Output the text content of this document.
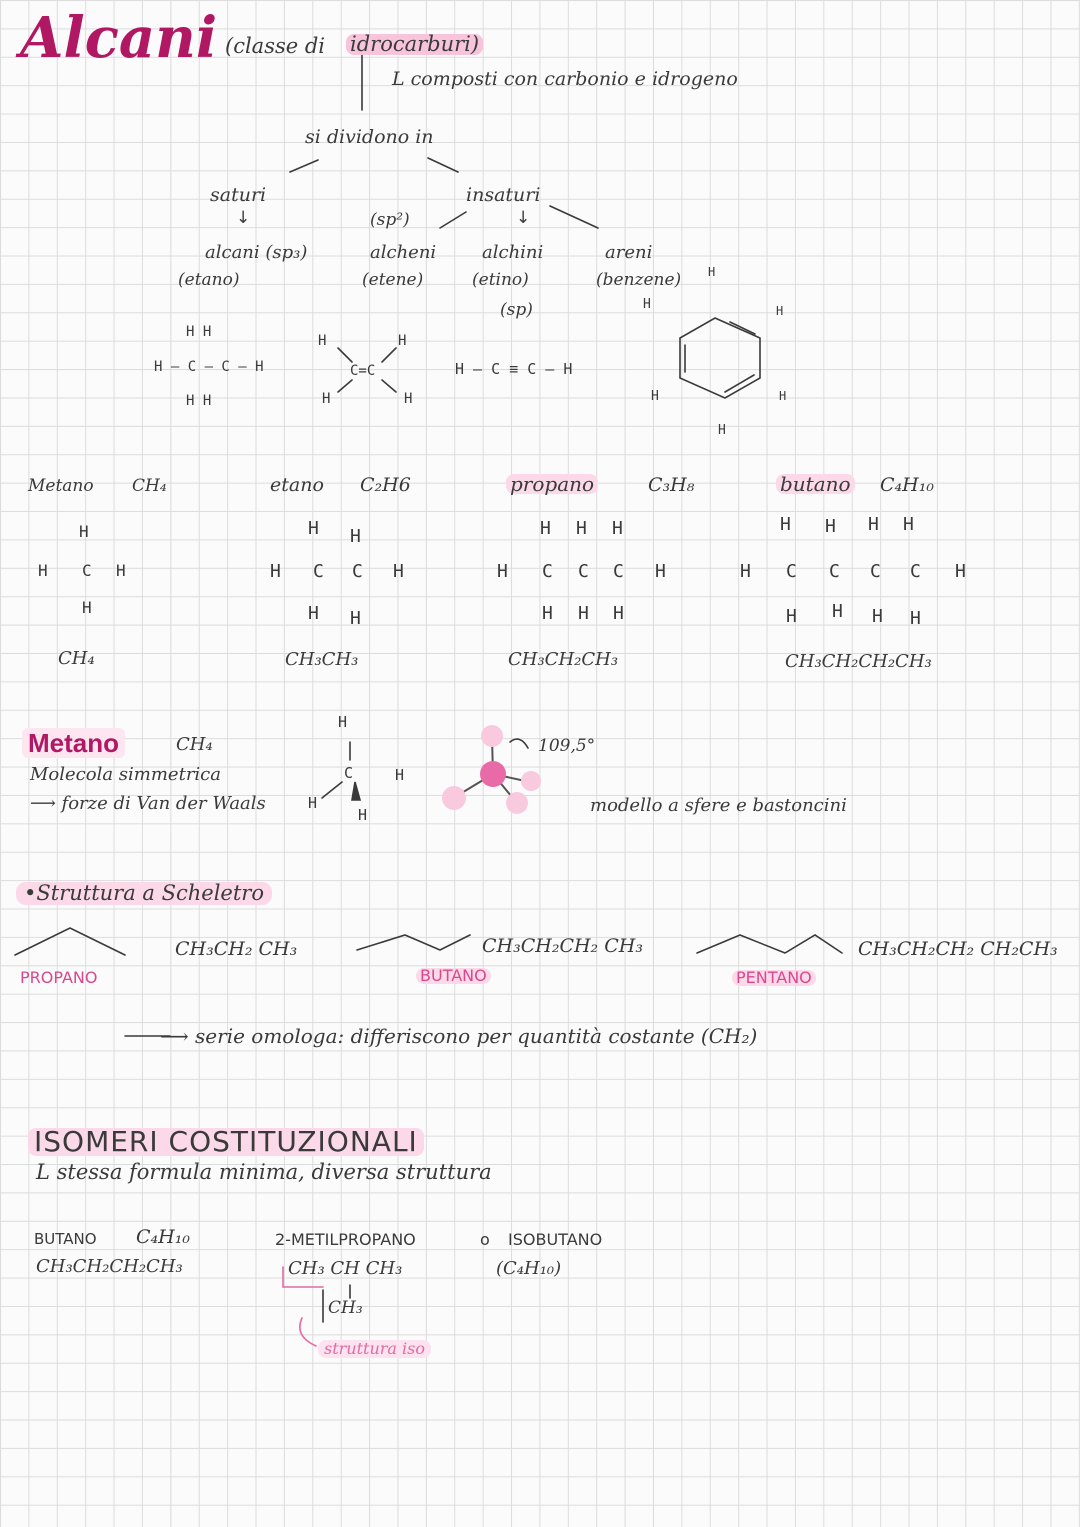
Alcani (classe di idrocarburi)
L composti con carbonio e idrogeno
si dividono in
saturi
↓
insaturi
↓
(sp²)
alcani (sp₃)
(etano)
alcheni
(etene)
alchini
(etino)
(sp)
areni
(benzene)
H H
H – C – C – H
H H
H	H
C=C
H	H
H – C ≡ C – H
H
H	H
H	H
H
Metano CH₄	etano C₂H6	propano	C₃H₈	butano C₄H₁₀
H
H C H
H
H H
H C C H
H H
H H H
H C C C H
H H H
H H H H
H C C C C H
H H H H
CH₄	CH₃CH₃	CH₃CH₂CH₃	CH₃CH₂CH₂CH₃
Metano	CH₄
Molecola simmetrica
⟶ forze di Van der Waals
H
C	H
H
H
109,5°
modello a sfere e bastoncini
•Struttura a Scheletro
CH₃CH₂ CH₃
PROPANO
CH₃CH₂CH₂ CH₃
BUTANO
CH₃CH₂CH₂ CH₂CH₃
PENTANO
⟶ serie omologa: differiscono per quantità costante (CH₂)
ISOMERI COSTITUZIONALI
L stessa formula minima, diversa struttura
BUTANO C₄H₁₀
CH₃CH₂CH₂CH₃
2-METILPROPANO	o ISOBUTANO
CH₃ CH CH₃	(C₄H₁₀)
CH₃
struttura iso
